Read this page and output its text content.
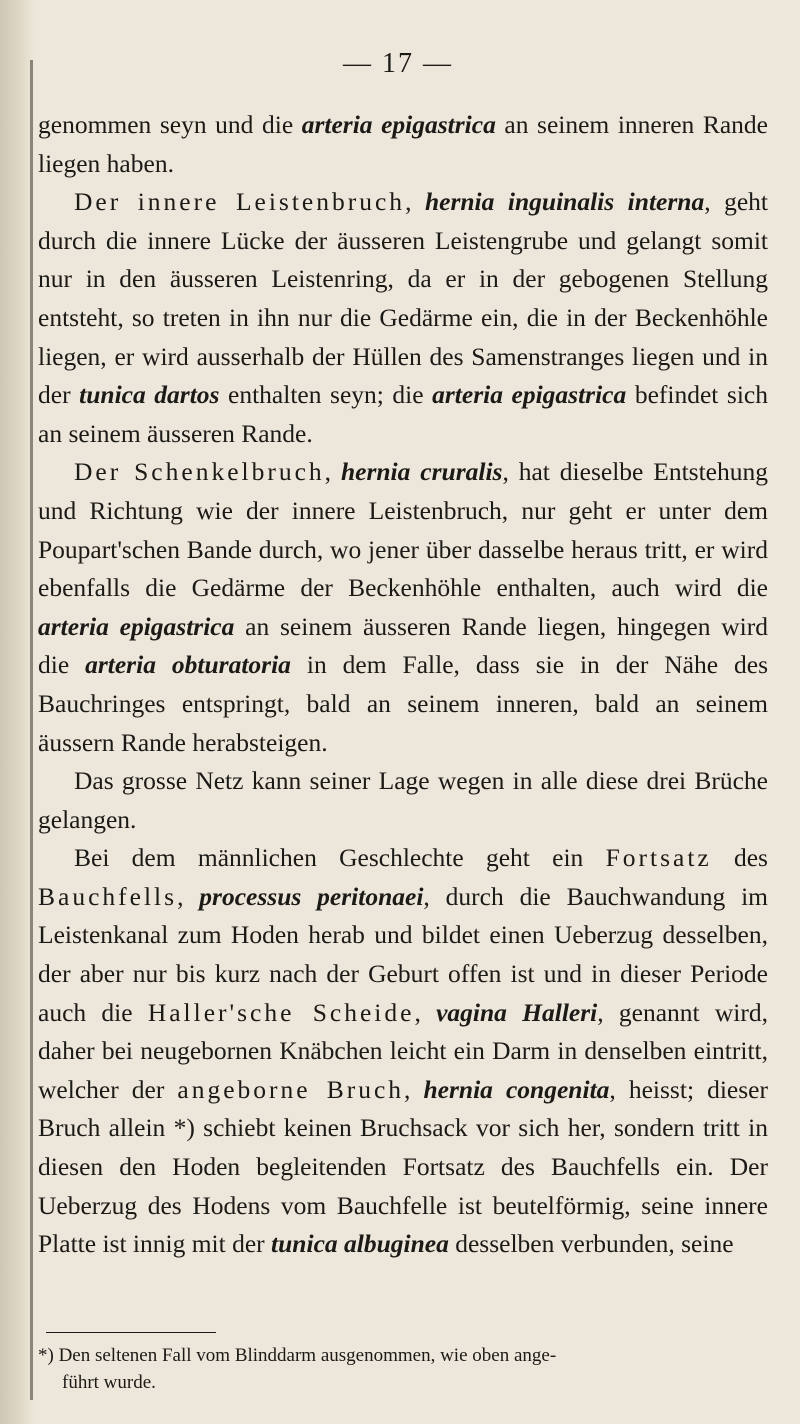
— 17 —

genommen seyn und die arteria epigastrica an seinem inneren Rande liegen haben.

Der innere Leistenbruch, hernia inguinalis interna, geht durch die innere Lücke der äusseren Leistengrube und gelangt somit nur in den äusseren Leistenring, da er in der gebogenen Stellung entsteht, so treten in ihn nur die Gedärme ein, die in der Beckenhöhle liegen, er wird ausserhalb der Hüllen des Samenstranges liegen und in der tunica dartos enthalten seyn; die arteria epigastrica befindet sich an seinem äusseren Rande.

Der Schenkelbruch, hernia cruralis, hat dieselbe Entstehung und Richtung wie der innere Leistenbruch, nur geht er unter dem Poupart'schen Bande durch, wo jener über dasselbe heraus tritt, er wird ebenfalls die Gedärme der Beckenhöhle enthalten, auch wird die arteria epigastrica an seinem äusseren Rande liegen, hingegen wird die arteria obturatoria in dem Falle, dass sie in der Nähe des Bauchringes entspringt, bald an seinem inneren, bald an seinem äussern Rande herabsteigen.

Das grosse Netz kann seiner Lage wegen in alle diese drei Brüche gelangen.

Bei dem männlichen Geschlechte geht ein Fortsatz des Bauchfells, processus peritonaei, durch die Bauchwandung im Leistenkanal zum Hoden herab und bildet einen Ueberzug desselben, der aber nur bis kurz nach der Geburt offen ist und in dieser Periode auch die Haller'sche Scheide, vagina Halleri, genannt wird, daher bei neugebornen Knäbchen leicht ein Darm in denselben eintritt, welcher der angeborne Bruch, hernia congenita, heisst; dieser Bruch allein *) schiebt keinen Bruchsack vor sich her, sondern tritt in diesen den Hoden begleitenden Fortsatz des Bauchfells ein. Der Ueberzug des Hodens vom Bauchfelle ist beutelförmig, seine innere Platte ist innig mit der tunica albuginea desselben verbunden, seine

*) Den seltenen Fall vom Blinddarm ausgenommen, wie oben ange-
führt wurde.
